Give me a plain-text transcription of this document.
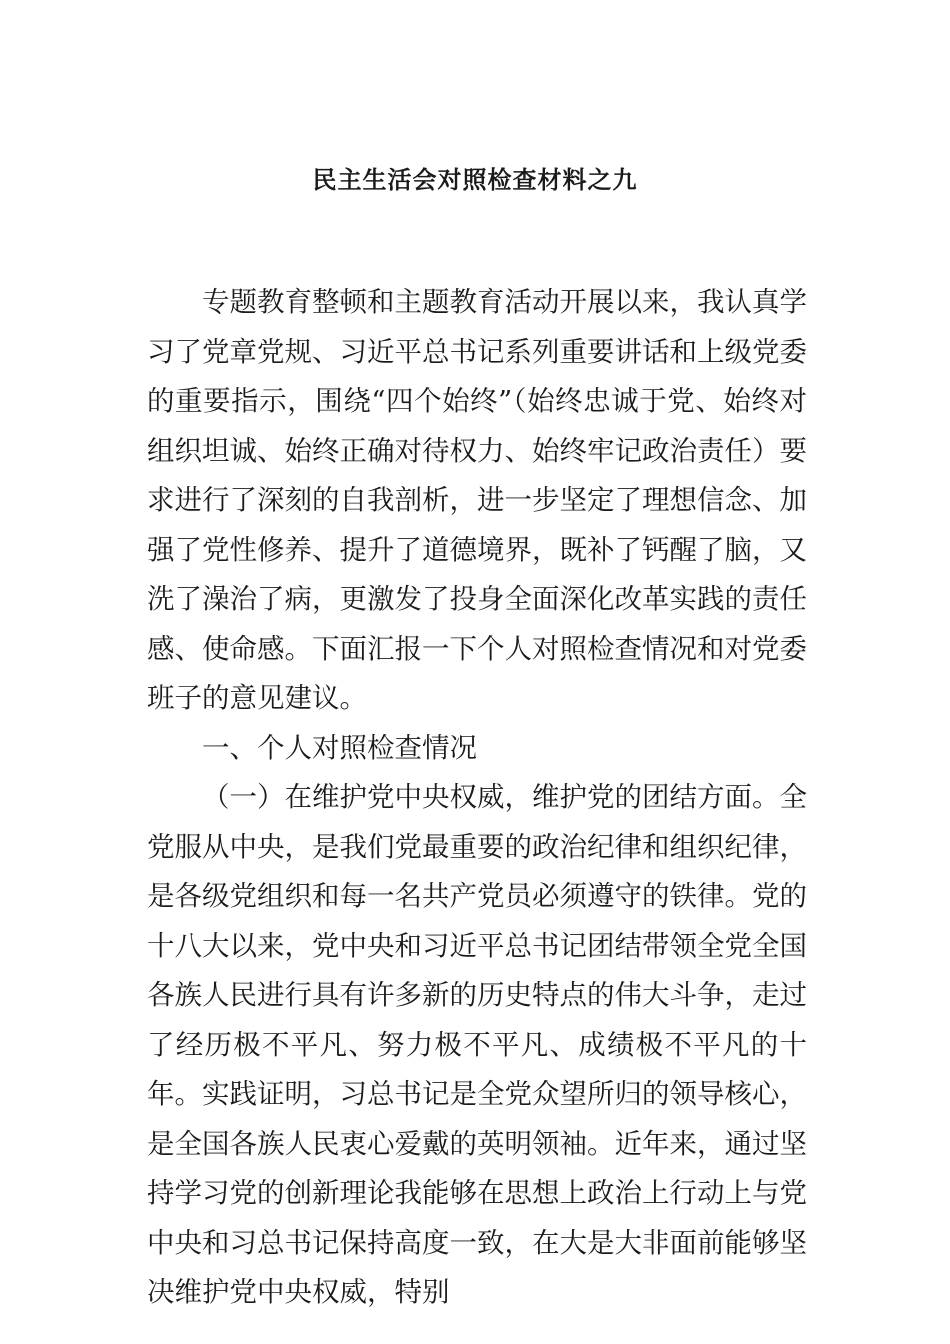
民主生活会对照检查材料之九

专题教育整顿和主题教育活动开展以来，我认真学习了党章党规、习近平总书记系列重要讲话和上级党委的重要指示，围绕“四个始终”（始终忠诚于党、始终对组织坦诚、始终正确对待权力、始终牢记政治责任）要求进行了深刻的自我剖析，进一步坚定了理想信念、加强了党性修养、提升了道德境界，既补了钙醒了脑，又洗了澡治了病，更激发了投身全面深化改革实践的责任感、使命感。下面汇报一下个人对照检查情况和对党委班子的意见建议。

一、个人对照检查情况

（一）在维护党中央权威，维护党的团结方面。全党服从中央，是我们党最重要的政治纪律和组织纪律，是各级党组织和每一名共产党员必须遵守的铁律。党的十八大以来，党中央和习近平总书记团结带领全党全国各族人民进行具有许多新的历史特点的伟大斗争，走过了经历极不平凡、努力极不平凡、成绩极不平凡的十年。实践证明，习总书记是全党众望所归的领导核心，是全国各族人民衷心爱戴的英明领袖。近年来，通过坚持学习党的创新理论我能够在思想上政治上行动上与党中央和习总书记保持高度一致，在大是大非面前能够坚决维护党中央权威，特别
